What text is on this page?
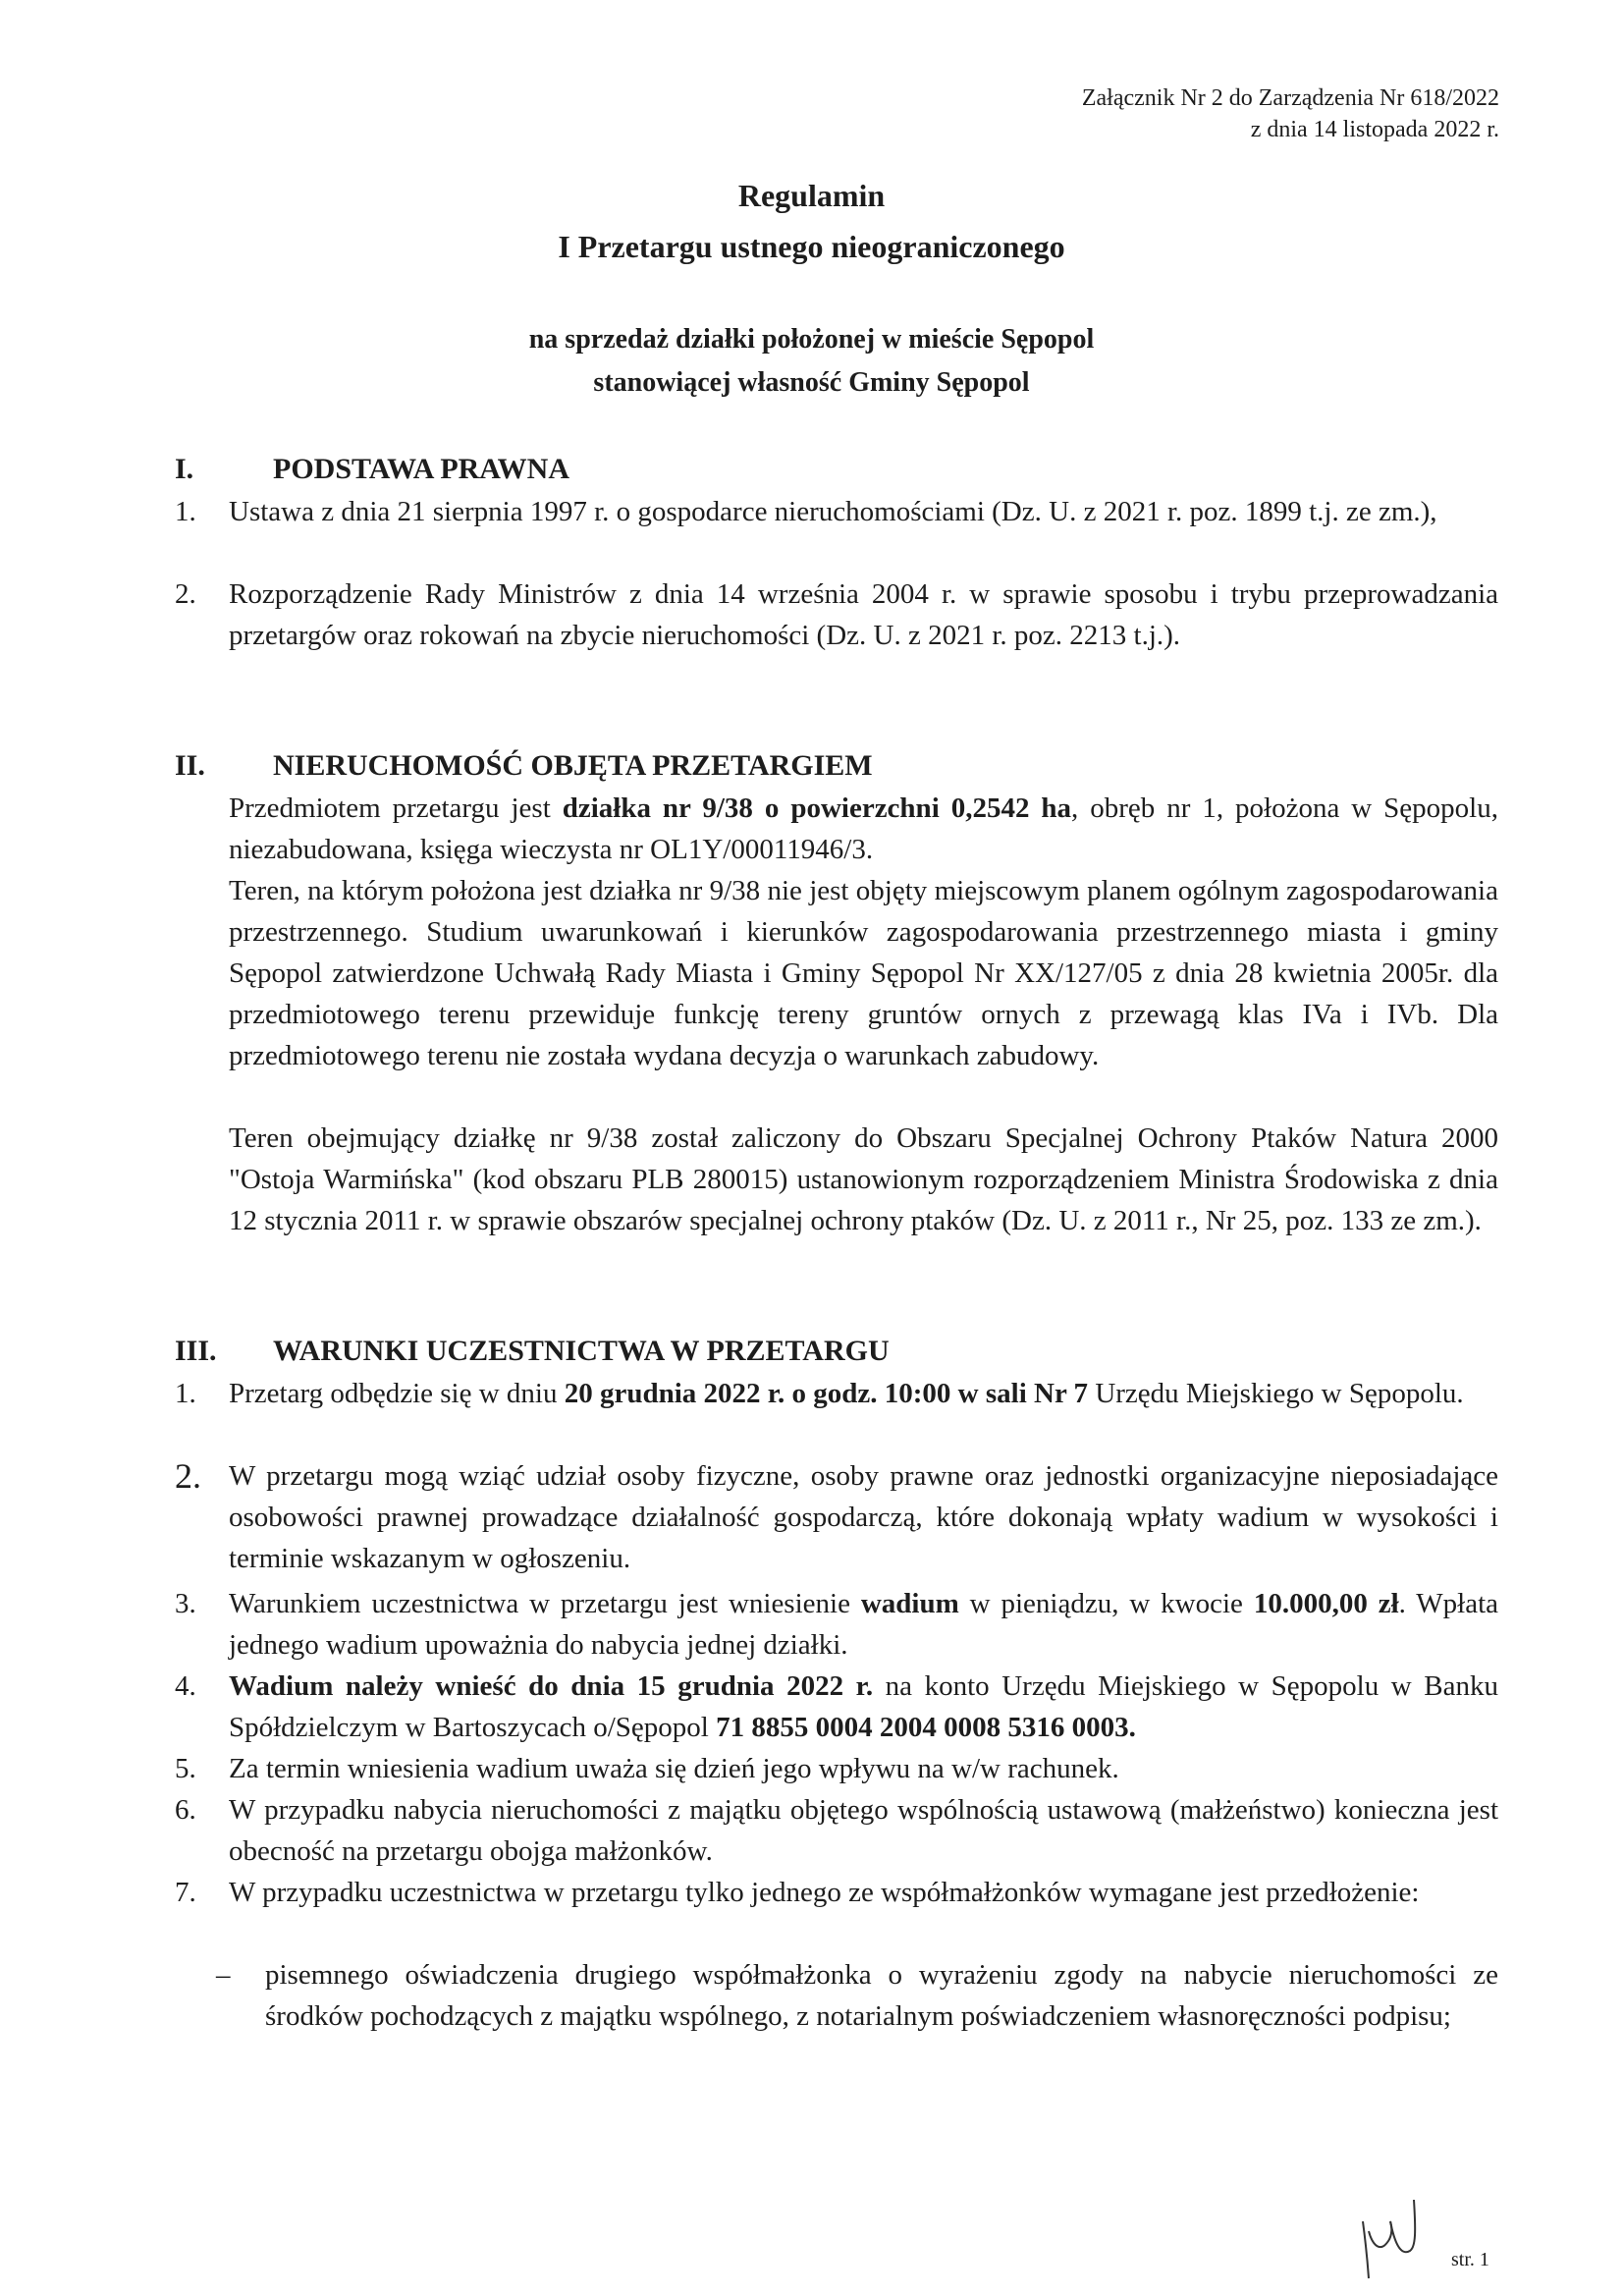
Załącznik Nr 2 do Zarządzenia Nr 618/2022
z dnia 14 listopada 2022 r.
Regulamin
I Przetargu ustnego nieograniczonego
na sprzedaż działki położonej w mieście Sępopol
stanowiącej własność Gminy Sępopol
I.	PODSTAWA PRAWNA
1. Ustawa z dnia 21 sierpnia 1997 r. o gospodarce nieruchomościami (Dz. U. z 2021 r. poz. 1899 t.j. ze zm.),
2. Rozporządzenie Rady Ministrów z dnia 14 września 2004 r. w sprawie sposobu i trybu przeprowadzania przetargów oraz rokowań na zbycie nieruchomości (Dz. U. z 2021 r. poz. 2213 t.j.).
II. NIERUCHOMOŚĆ OBJĘTA PRZETARGIEM
Przedmiotem przetargu jest działka nr 9/38 o powierzchni 0,2542 ha, obręb nr 1, położona w Sępopolu, niezabudowana, księga wieczysta nr OL1Y/00011946/3.
Teren, na którym położona jest działka nr 9/38 nie jest objęty miejscowym planem ogólnym zagospodarowania przestrzennego. Studium uwarunkowań i kierunków zagospodarowania przestrzennego miasta i gminy Sępopol zatwierdzone Uchwałą Rady Miasta i Gminy Sępopol Nr XX/127/05 z dnia 28 kwietnia 2005r. dla przedmiotowego terenu przewiduje funkcję tereny gruntów ornych z przewagą klas IVa i IVb. Dla przedmiotowego terenu nie została wydana decyzja o warunkach zabudowy.
Teren obejmujący działkę nr 9/38 został zaliczony do Obszaru Specjalnej Ochrony Ptaków Natura 2000 "Ostoja Warmińska" (kod obszaru PLB 280015) ustanowionym rozporządzeniem Ministra Środowiska z dnia 12 stycznia 2011 r. w sprawie obszarów specjalnej ochrony ptaków (Dz. U. z 2011 r., Nr 25, poz. 133 ze zm.).
III. WARUNKI UCZESTNICTWA W PRZETARGU
1. Przetarg odbędzie się w dniu 20 grudnia 2022 r. o godz. 10:00 w sali Nr 7 Urzędu Miejskiego w Sępopolu.
2. W przetargu mogą wziąć udział osoby fizyczne, osoby prawne oraz jednostki organizacyjne nieposiadające osobowości prawnej prowadzące działalność gospodarczą, które dokonają wpłaty wadium w wysokości i terminie wskazanym w ogłoszeniu.
3. Warunkiem uczestnictwa w przetargu jest wniesienie wadium w pieniądzu, w kwocie 10.000,00 zł. Wpłata jednego wadium upoważnia do nabycia jednej działki.
4. Wadium należy wnieść do dnia 15 grudnia 2022 r. na konto Urzędu Miejskiego w Sępopolu w Banku Spółdzielczym w Bartoszycach o/Sępopol 71 8855 0004 2004 0008 5316 0003.
5. Za termin wniesienia wadium uważa się dzień jego wpływu na w/w rachunek.
6. W przypadku nabycia nieruchomości z majątku objętego wspólnością ustawową (małżeństwo) konieczna jest obecność na przetargu obojga małżonków.
7. W przypadku uczestnictwa w przetargu tylko jednego ze współmałżonków wymagane jest przedłożenie:
– pisemnego oświadczenia drugiego współmałżonka o wyrażeniu zgody na nabycie nieruchomości ze środków pochodzących z majątku wspólnego, z notarialnym poświadczeniem własnoręczności podpisu;
str. 1
